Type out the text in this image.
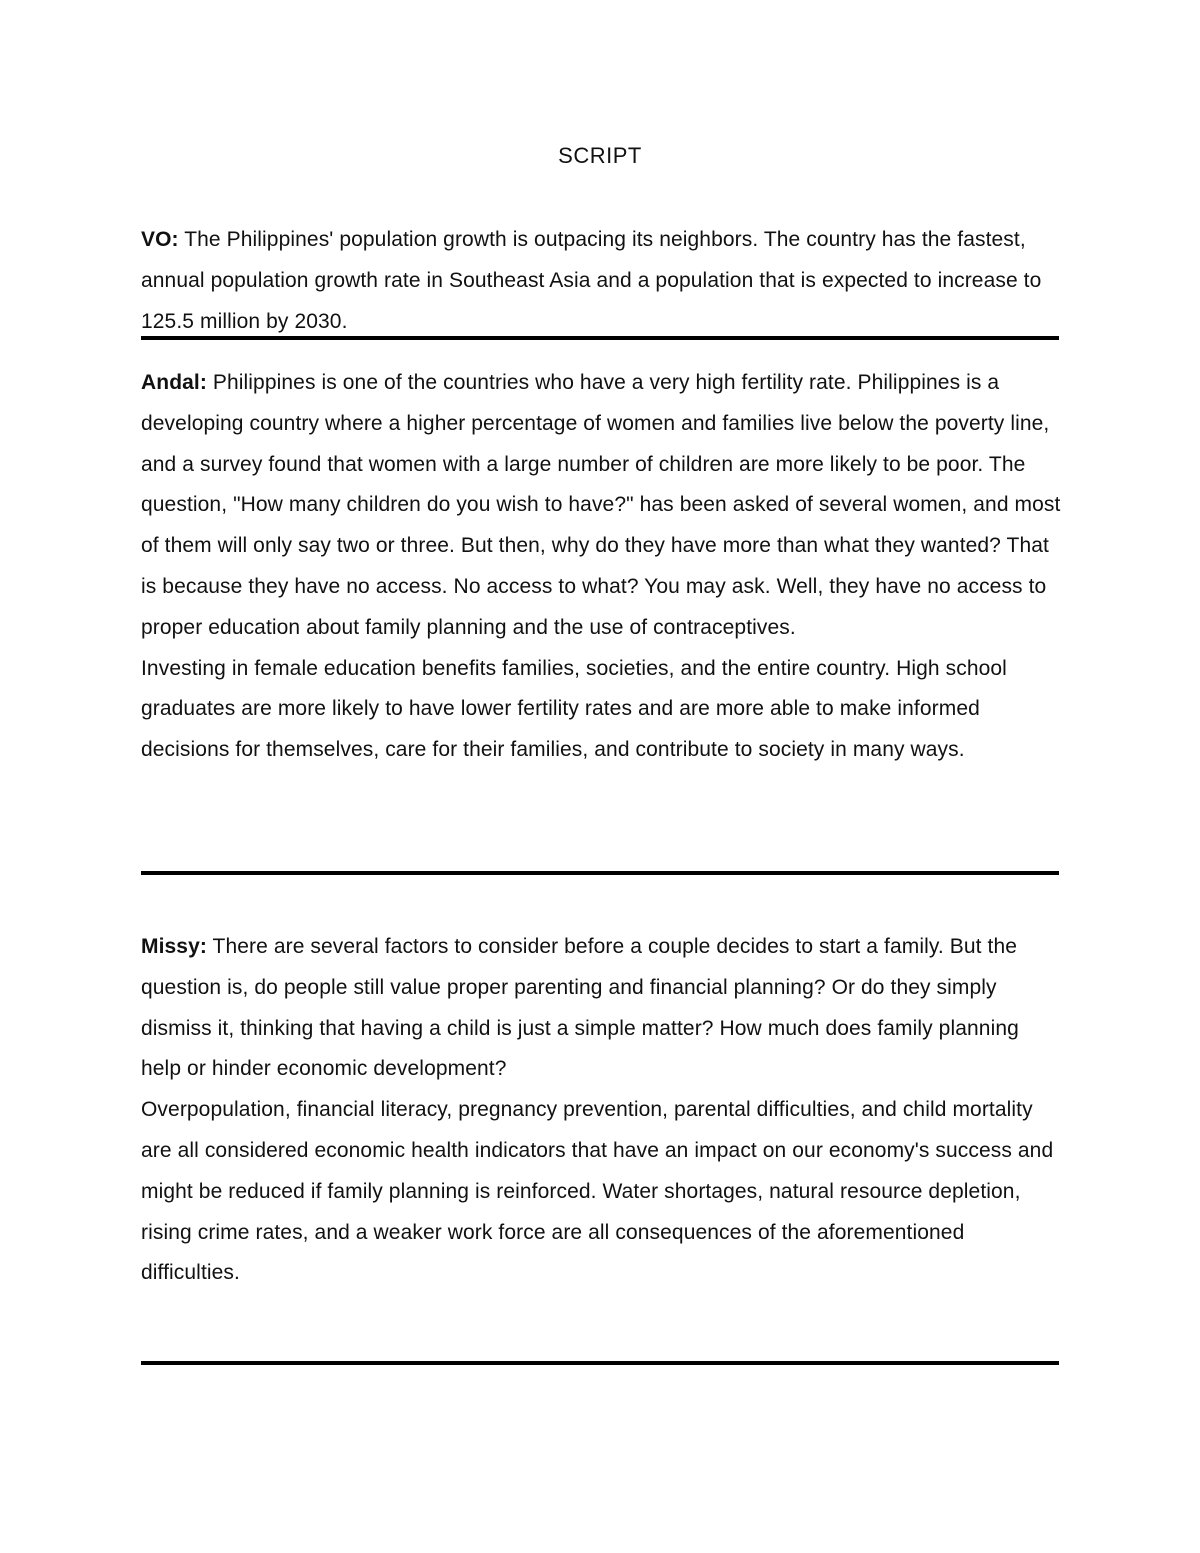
SCRIPT

VO: The Philippines' population growth is outpacing its neighbors. The country has the fastest, annual population growth rate in Southeast Asia and a population that is expected to increase to 125.5 million by 2030.

Andal: Philippines is one of the countries who have a very high fertility rate. Philippines is a developing country where a higher percentage of women and families live below the poverty line, and a survey found that women with a large number of children are more likely to be poor. The question, "How many children do you wish to have?" has been asked of several women, and most of them will only say two or three. But then, why do they have more than what they wanted? That is because they have no access. No access to what? You may ask. Well, they have no access to proper education about family planning and the use of contraceptives.

Investing in female education benefits families, societies, and the entire country. High school graduates are more likely to have lower fertility rates and are more able to make informed decisions for themselves, care for their families, and contribute to society in many ways.

Missy: There are several factors to consider before a couple decides to start a family. But the question is, do people still value proper parenting and financial planning? Or do they simply dismiss it, thinking that having a child is just a simple matter? How much does family planning help or hinder economic development?

Overpopulation, financial literacy, pregnancy prevention, parental difficulties, and child mortality are all considered economic health indicators that have an impact on our economy's success and might be reduced if family planning is reinforced. Water shortages, natural resource depletion, rising crime rates, and a weaker work force are all consequences of the aforementioned difficulties.
